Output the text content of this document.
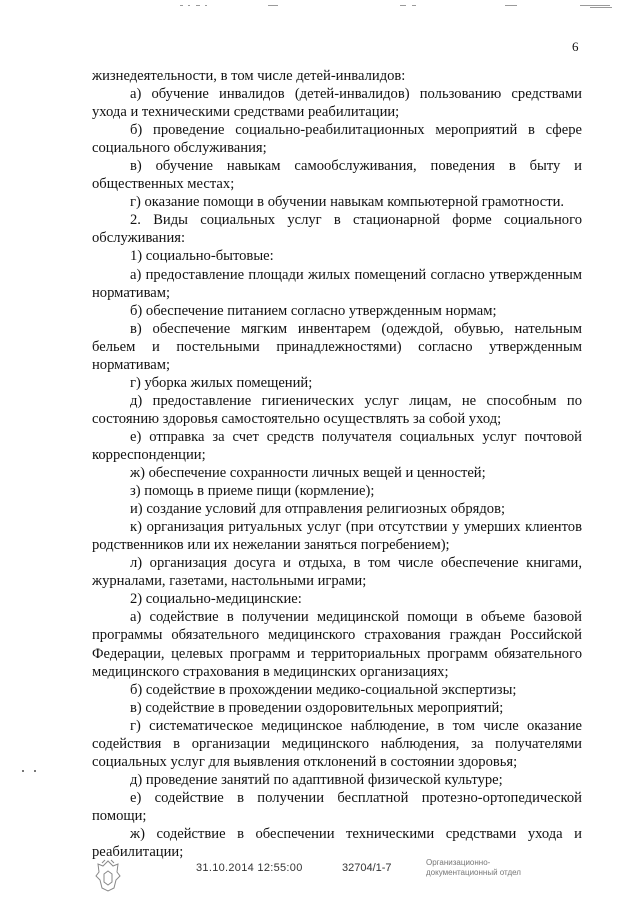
6

жизнедеятельности, в том числе детей-инвалидов:

а) обучение инвалидов (детей-инвалидов) пользованию средствами ухода и техническими средствами реабилитации;

б) проведение социально-реабилитационных мероприятий в сфере социального обслуживания;

в) обучение навыкам самообслуживания, поведения в быту и общественных местах;

г) оказание помощи в обучении навыкам компьютерной грамотности.

2. Виды социальных услуг в стационарной форме социального обслуживания:

1) социально-бытовые:

а) предоставление площади жилых помещений согласно утвержденным нормативам;

б) обеспечение питанием согласно утвержденным нормам;

в) обеспечение мягким инвентарем (одеждой, обувью, нательным бельем и постельными принадлежностями) согласно утвержденным нормативам;

г) уборка жилых помещений;

д) предоставление гигиенических услуг лицам, не способным по состоянию здоровья самостоятельно осуществлять за собой уход;

е) отправка за счет средств получателя социальных услуг почтовой корреспонденции;

ж) обеспечение сохранности личных вещей и ценностей;

з) помощь в приеме пищи (кормление);

и) создание условий для отправления религиозных обрядов;

к) организация ритуальных услуг (при отсутствии у умерших клиентов родственников или их нежелании заняться погребением);

л) организация досуга и отдыха, в том числе обеспечение книгами, журналами, газетами, настольными играми;

2) социально-медицинские:

а) содействие в получении медицинской помощи в объеме базовой программы обязательного медицинского страхования граждан Российской Федерации, целевых программ и территориальных программ обязательного медицинского страхования в медицинских организациях;

б) содействие в прохождении медико-социальной экспертизы;

в) содействие в проведении оздоровительных мероприятий;

г) систематическое медицинское наблюдение, в том числе оказание содействия в организации медицинского наблюдения, за получателями социальных услуг для выявления отклонений в состоянии здоровья;

д) проведение занятий по адаптивной физической культуре;

е) содействие в получении бесплатной протезно-ортопедической помощи;

ж) содействие в обеспечении техническими средствами ухода и реабилитации;

31.10.2014 12:55:00	32704/1-7	Организационно-
документационный отдел
